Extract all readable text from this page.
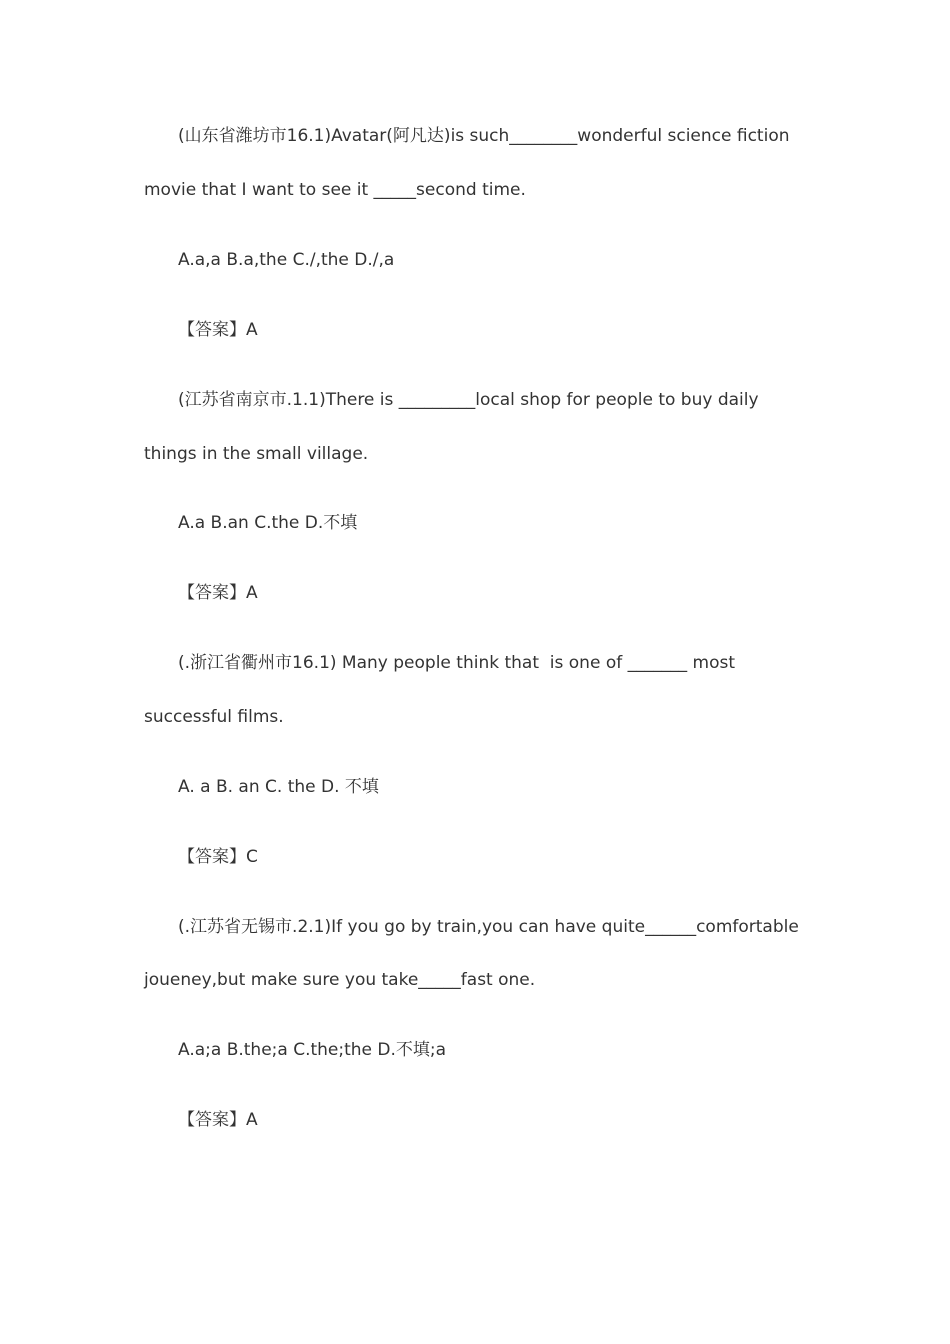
(山东省潍坊市16.1)Avatar(阿凡达)is such________wonderful science fiction
movie that I want to see it _____second time.
A.a,a B.a,the C./,the D./,a
【答案】A
(江苏省南京市.1.1)There is _________local shop for people to buy daily
things in the small village.
A.a B.an C.the D.不填
【答案】A
(.浙江省衢州市16.1) Many people think that  is one of _______ most
successful films.
A. a B. an C. the D. 不填
【答案】C
(.江苏省无锡市.2.1)If you go by train,you can have quite______comfortable
joueney,but make sure you take_____fast one.
A.a;a B.the;a C.the;the D.不填;a
【答案】A
